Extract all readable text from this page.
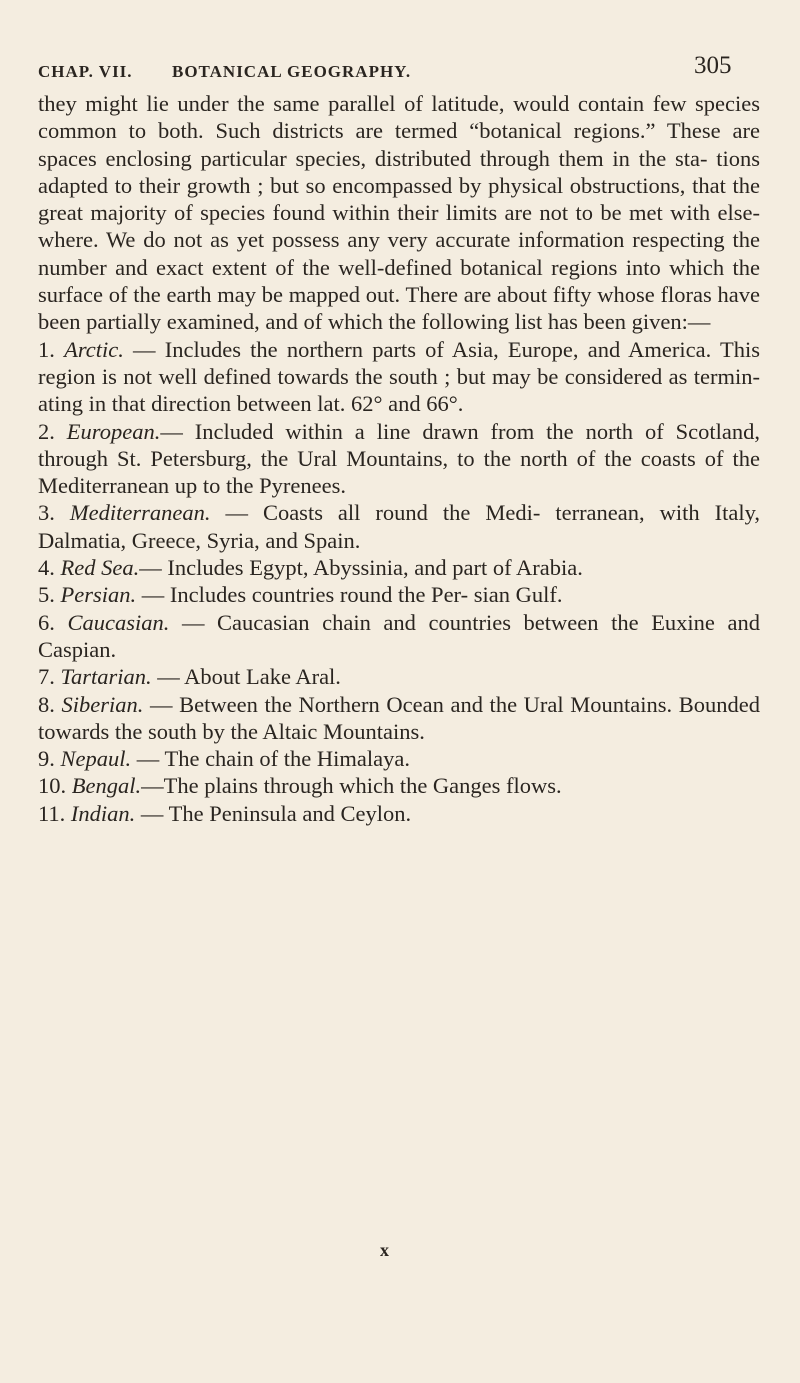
CHAP. VII. BOTANICAL GEOGRAPHY.	305

they might lie under the same parallel of latitude, would contain few species common to both. Such districts are termed “botanical regions.” These are spaces enclosing particular species, distributed through them in the sta- tions adapted to their growth ; but so encompassed by physical obstructions, that the great majority of species found within their limits are not to be met with else- where. We do not as yet possess any very accurate information respecting the number and exact extent of the well-defined botanical regions into which the surface of the earth may be mapped out. There are about fifty whose floras have been partially examined, and of which the following list has been given:—

1. Arctic. — Includes the northern parts of Asia, Europe, and America. This region is not well defined towards the south ; but may be considered as termin- ating in that direction between lat. 62° and 66°.

2. European.— Included within a line drawn from the north of Scotland, through St. Petersburg, the Ural Mountains, to the north of the coasts of the Mediterranean up to the Pyrenees.

3. Mediterranean. — Coasts all round the Medi- terranean, with Italy, Dalmatia, Greece, Syria, and Spain.

4. Red Sea.— Includes Egypt, Abyssinia, and part of Arabia.

5. Persian. — Includes countries round the Per- sian Gulf.

6. Caucasian. — Caucasian chain and countries between the Euxine and Caspian.

7. Tartarian. — About Lake Aral.

8. Siberian. — Between the Northern Ocean and the Ural Mountains. Bounded towards the south by the Altaic Mountains.

9. Nepaul. — The chain of the Himalaya.

10. Bengal.—The plains through which the Ganges flows.

11. Indian. — The Peninsula and Ceylon.

x
